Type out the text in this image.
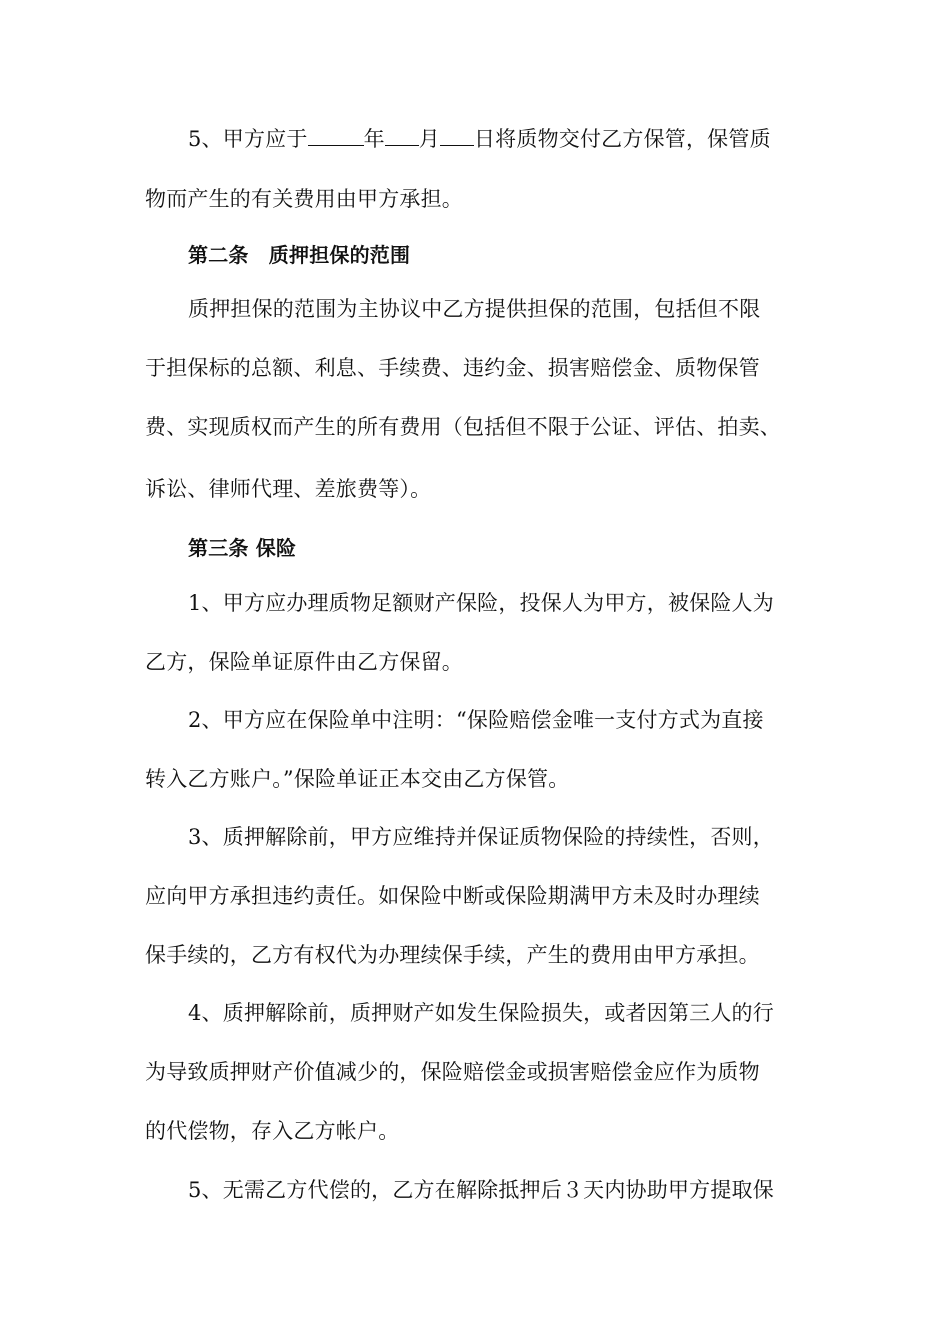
5、甲方应于	年 月 日将质物交付乙方保管，保管质
物而产生的有关费用由甲方承担。
第二条　质押担保的范围
质押担保的范围为主协议中乙方提供担保的范围，包括但不限
于担保标的总额、利息、手续费、违约金、损害赔偿金、质物保管
费、实现质权而产生的所有费用（包括但不限于公证、评估、拍卖、
诉讼、律师代理、差旅费等）。
第三条 保险
1、甲方应办理质物足额财产保险，投保人为甲方，被保险人为
乙方，保险单证原件由乙方保留。
2、甲方应在保险单中注明：“保险赔偿金唯一支付方式为直接
转入乙方账户。”保险单证正本交由乙方保管。
3、质押解除前，甲方应维持并保证质物保险的持续性，否则，
应向甲方承担违约责任。如保险中断或保险期满甲方未及时办理续
保手续的，乙方有权代为办理续保手续，产生的费用由甲方承担。
4、质押解除前，质押财产如发生保险损失，或者因第三人的行
为导致质押财产价值减少的，保险赔偿金或损害赔偿金应作为质物
的代偿物，存入乙方帐户。
5、无需乙方代偿的，乙方在解除抵押后３天内协助甲方提取保
